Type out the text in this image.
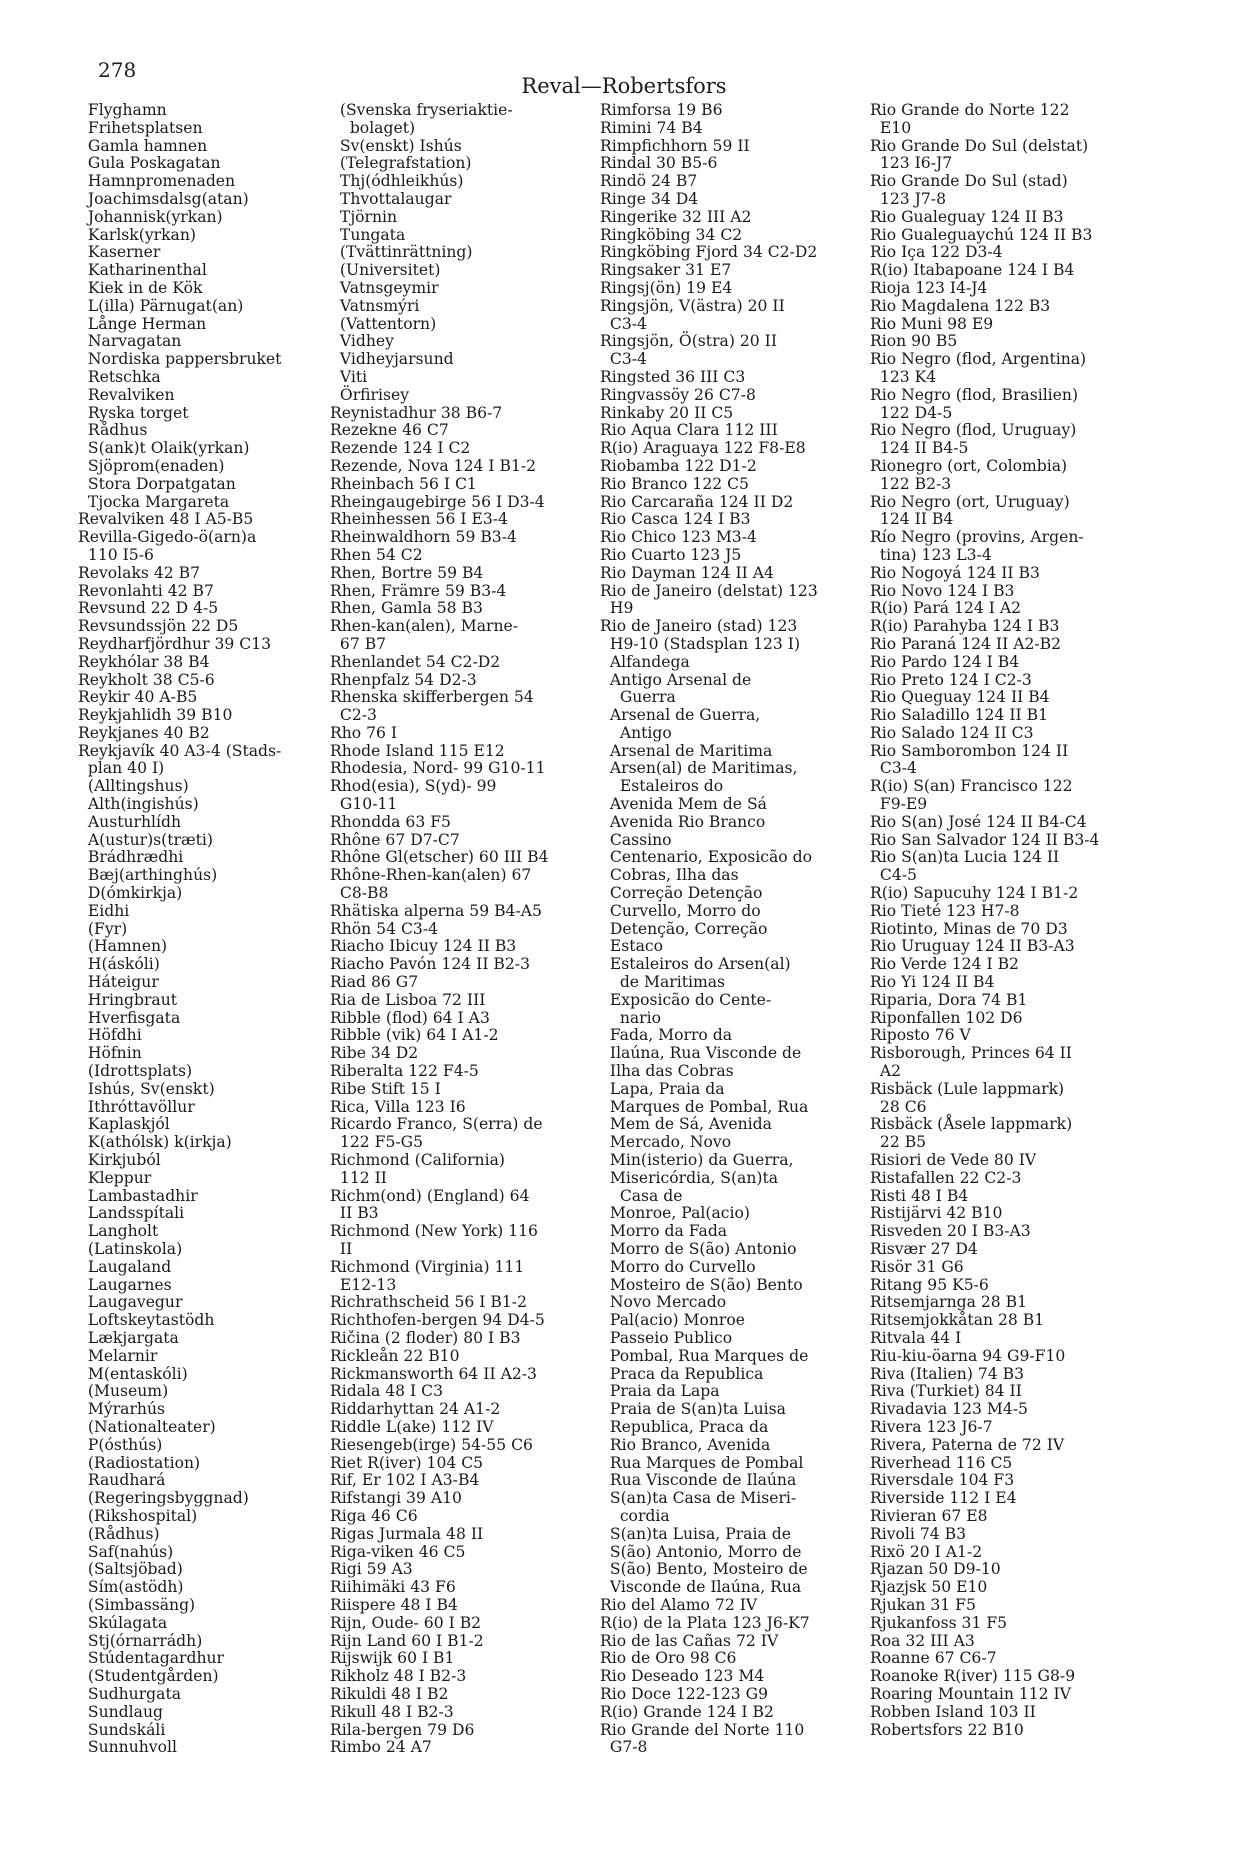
278
Reval—Robertsfors
Flyghamn
Frihetsplatsen
Gamla hamnen
Gula Poskagatan
Hamnpromenaden
Joachimsdalsg(atan)
Johannisk(yrkan)
Karlsk(yrkan)
Kaserner
Katharinenthal
Kiek in de Kök
L(illa) Pärnugat(an)
Långe Herman
Narvagatan
Nordiska pappersbruket
Retschka
Revalviken
Ryska torget
Rådhus
S(ank)t Olaik(yrkan)
Sjöprom(enaden)
Stora Dorpatgatan
Tjocka Margareta
Revalviken 48 I A5-B5
Revilla-Gigedo-ö(arn)a
110 I5-6
Revolaks 42 B7
Revonlahti 42 B7
Revsund 22 D 4-5
Revsundssjön 22 D5
Reydharfjördhur 39 C13
Reykhólar 38 B4
Reykholt 38 C5-6
Reykir 40 A-B5
Reykjahlidh 39 B10
Reykjanes 40 B2
Reykjavík 40 A3-4 (Stads-
plan 40 I)
(Alltingshus)
Alth(ingishús)
Austurhlídh
A(ustur)s(træti)
Brádhrædhi
Bæj(arthinghús)
D(ómkirkja)
Eidhi
(Fyr)
(Hamnen)
H(áskóli)
Háteigur
Hringbraut
Hverfisgata
Höfdhi
Höfnin
(Idrottsplats)
Ishús, Sv(enskt)
Ithróttavöllur
Kaplaskjól
K(athólsk) k(irkja)
Kirkjuból
Kleppur
Lambastadhir
Landsspítali
Langholt
(Latinskola)
Laugaland
Laugarnes
Laugavegur
Loftskeytastödh
Lækjargata
Melarnir
M(entaskóli)
(Museum)
Mýrarhús
(Nationalteater)
P(ósthús)
(Radiostation)
Raudhará
(Regeringsbyggnad)
(Rikshospital)
(Rådhus)
Saf(nahús)
(Saltsjöbad)
Sím(astödh)
(Simbassäng)
Skúlagata
Stj(órnarrádh)
Stúdentagardhur
(Studentgården)
Sudhurgata
Sundlaug
Sundskáli
Sunnuhvoll
(Svenska fryseriaktie-
bolaget)
Sv(enskt) Ishús
(Telegrafstation)
Thj(ódhleikhús)
Thvottalaugar
Tjörnin
Tungata
(Tvättinrättning)
(Universitet)
Vatnsgeymir
Vatnsmýri
(Vattentorn)
Vidhey
Vidheyjarsund
Viti
Örfirisey
Reynistadhur 38 B6-7
Rezekne 46 C7
Rezende 124 I C2
Rezende, Nova 124 I B1-2
Rheinbach 56 I C1
Rheingaugebirge 56 I D3-4
Rheinhessen 56 I E3-4
Rheinwaldhorn 59 B3-4
Rhen 54 C2
Rhen, Bortre 59 B4
Rhen, Främre 59 B3-4
Rhen, Gamla 58 B3
Rhen-kan(alen), Marne-
67 B7
Rhenlandet 54 C2-D2
Rhenpfalz 54 D2-3
Rhenska skifferbergen 54
C2-3
Rho 76 I
Rhode Island 115 E12
Rhodesia, Nord- 99 G10-11
Rhod(esia), S(yd)- 99
G10-11
Rhondda 63 F5
Rhône 67 D7-C7
Rhône Gl(etscher) 60 III B4
Rhône-Rhen-kan(alen) 67
C8-B8
Rhätiska alperna 59 B4-A5
Rhön 54 C3-4
Riacho Ibicuy 124 II B3
Riacho Pavón 124 II B2-3
Riad 86 G7
Ria de Lisboa 72 III
Ribble (flod) 64 I A3
Ribble (vik) 64 I A1-2
Ribe 34 D2
Riberalta 122 F4-5
Ribe Stift 15 I
Rica, Villa 123 I6
Ricardo Franco, S(erra) de
122 F5-G5
Richmond (California)
112 II
Richm(ond) (England) 64
II B3
Richmond (New York) 116
II
Richmond (Virginia) 111
E12-13
Richrathscheid 56 I B1-2
Richthofen-bergen 94 D4-5
Ričina (2 floder) 80 I B3
Rickleån 22 B10
Rickmansworth 64 II A2-3
Ridala 48 I C3
Riddarhyttan 24 A1-2
Riddle L(ake) 112 IV
Riesengeb(irge) 54-55 C6
Riet R(iver) 104 C5
Rif, Er 102 I A3-B4
Rifstangi 39 A10
Riga 46 C6
Rigas Jurmala 48 II
Riga-viken 46 C5
Rigi 59 A3
Riihimäki 43 F6
Riispere 48 I B4
Rijn, Oude- 60 I B2
Rijn Land 60 I B1-2
Rijswijk 60 I B1
Rikholz 48 I B2-3
Rikuldi 48 I B2
Rikull 48 I B2-3
Rila-bergen 79 D6
Rimbo 24 A7
Rimforsa 19 B6
Rimini 74 B4
Rimpfichhorn 59 II
Rindal 30 B5-6
Rindö 24 B7
Ringe 34 D4
Ringerike 32 III A2
Ringköbing 34 C2
Ringköbing Fjord 34 C2-D2
Ringsaker 31 E7
Ringsj(ön) 19 E4
Ringsjön, V(ästra) 20 II
C3-4
Ringsjön, Ö(stra) 20 II
C3-4
Ringsted 36 III C3
Ringvassöy 26 C7-8
Rinkaby 20 II C5
Rio Aqua Clara 112 III
R(io) Araguaya 122 F8-E8
Riobamba 122 D1-2
Rio Branco 122 C5
Rio Carcaraña 124 II D2
Rio Casca 124 I B3
Rio Chico 123 M3-4
Rio Cuarto 123 J5
Rio Dayman 124 II A4
Rio de Janeiro (delstat) 123
H9
Rio de Janeiro (stad) 123
H9-10 (Stadsplan 123 I)
Alfandega
Antigo Arsenal de
Guerra
Arsenal de Guerra,
Antigo
Arsenal de Maritima
Arsen(al) de Maritimas,
Estaleiros do
Avenida Mem de Sá
Avenida Rio Branco
Cassino
Centenario, Exposicão do
Cobras, Ilha das
Correção Detenção
Curvello, Morro do
Detenção, Correção
Estaco
Estaleiros do Arsen(al)
de Maritimas
Exposicão do Cente-
nario
Fada, Morro da
Ilaúna, Rua Visconde de
Ilha das Cobras
Lapa, Praia da
Marques de Pombal, Rua
Mem de Sá, Avenida
Mercado, Novo
Min(isterio) da Guerra,
Misericórdia, S(an)ta
Casa de
Monroe, Pal(acio)
Morro da Fada
Morro de S(ão) Antonio
Morro do Curvello
Mosteiro de S(ão) Bento
Novo Mercado
Pal(acio) Monroe
Passeio Publico
Pombal, Rua Marques de
Praca da Republica
Praia da Lapa
Praia de S(an)ta Luisa
Republica, Praca da
Rio Branco, Avenida
Rua Marques de Pombal
Rua Visconde de Ilaúna
S(an)ta Casa de Miseri-
cordia
S(an)ta Luisa, Praia de
S(ão) Antonio, Morro de
S(ão) Bento, Mosteiro de
Visconde de Ilaúna, Rua
Rio del Alamo 72 IV
R(io) de la Plata 123 J6-K7
Rio de las Cañas 72 IV
Rio de Oro 98 C6
Rio Deseado 123 M4
Rio Doce 122-123 G9
R(io) Grande 124 I B2
Rio Grande del Norte 110
G7-8
Rio Grande do Norte 122
E10
Rio Grande Do Sul (delstat)
123 I6-J7
Rio Grande Do Sul (stad)
123 J7-8
Rio Gualeguay 124 II B3
Rio Gualeguaychú 124 II B3
Rio Iça 122 D3-4
R(io) Itabapoane 124 I B4
Rioja 123 I4-J4
Rio Magdalena 122 B3
Rio Muni 98 E9
Rion 90 B5
Rio Negro (flod, Argentina)
123 K4
Rio Negro (flod, Brasilien)
122 D4-5
Rio Negro (flod, Uruguay)
124 II B4-5
Rionegro (ort, Colombia)
122 B2-3
Rio Negro (ort, Uruguay)
124 II B4
Río Negro (provins, Argen-
tina) 123 L3-4
Rio Nogoyá 124 II B3
Rio Novo 124 I B3
R(io) Pará 124 I A2
R(io) Parahyba 124 I B3
Rio Paraná 124 II A2-B2
Rio Pardo 124 I B4
Rio Preto 124 I C2-3
Rio Queguay 124 II B4
Rio Saladillo 124 II B1
Rio Salado 124 II C3
Rio Samborombon 124 II
C3-4
R(io) S(an) Francisco 122
F9-E9
Rio S(an) José 124 II B4-C4
Rio San Salvador 124 II B3-4
Rio S(an)ta Lucia 124 II
C4-5
R(io) Sapucuhy 124 I B1-2
Rio Tieté 123 H7-8
Riotinto, Minas de 70 D3
Rio Uruguay 124 II B3-A3
Rio Verde 124 I B2
Rio Yi 124 II B4
Riparia, Dora 74 B1
Riponfallen 102 D6
Riposto 76 V
Risborough, Princes 64 II
A2
Risbäck (Lule lappmark)
28 C6
Risbäck (Åsele lappmark)
22 B5
Risiori de Vede 80 IV
Ristafallen 22 C2-3
Risti 48 I B4
Ristijärvi 42 B10
Risveden 20 I B3-A3
Risvær 27 D4
Risör 31 G6
Ritang 95 K5-6
Ritsemjarnga 28 B1
Ritsemjokkåtan 28 B1
Ritvala 44 I
Riu-kiu-öarna 94 G9-F10
Riva (Italien) 74 B3
Riva (Turkiet) 84 II
Rivadavia 123 M4-5
Rivera 123 J6-7
Rivera, Paterna de 72 IV
Riverhead 116 C5
Riversdale 104 F3
Riverside 112 I E4
Rivieran 67 E8
Rivoli 74 B3
Rixö 20 I A1-2
Rjazan 50 D9-10
Rjazjsk 50 E10
Rjukan 31 F5
Rjukanfoss 31 F5
Roa 32 III A3
Roanne 67 C6-7
Roanoke R(iver) 115 G8-9
Roaring Mountain 112 IV
Robben Island 103 II
Robertsfors 22 B10
